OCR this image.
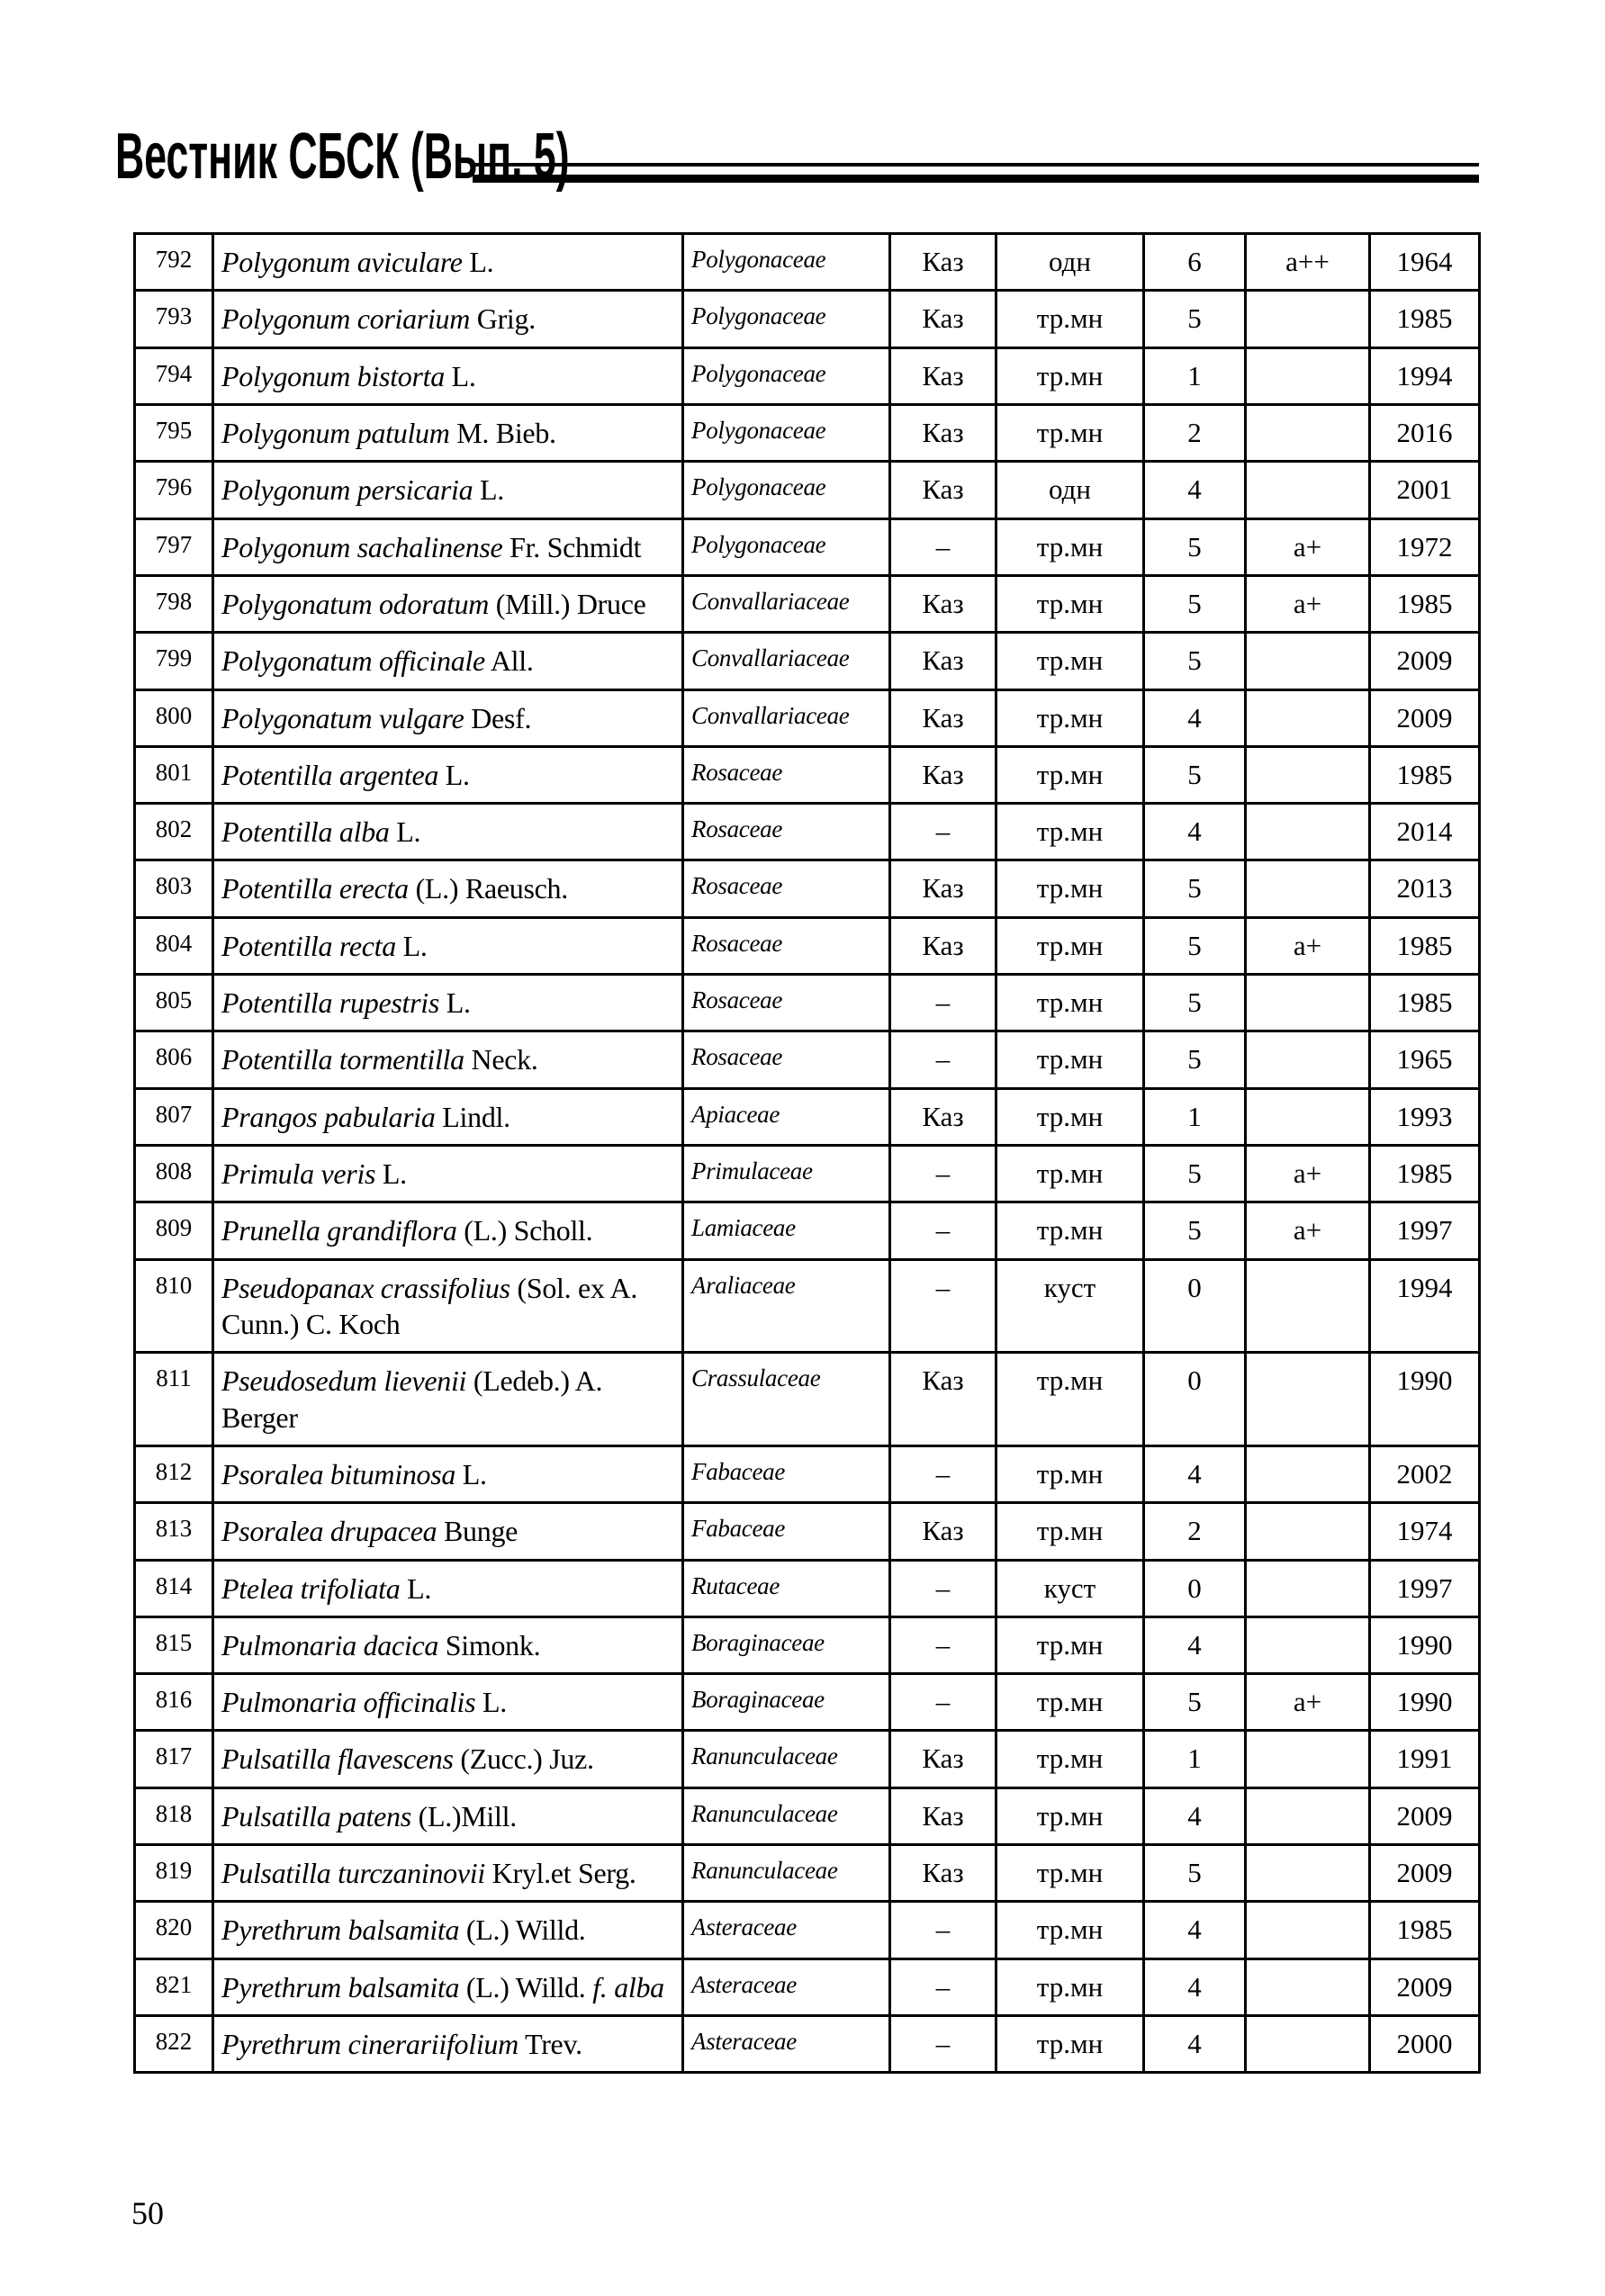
Вестник СБСК (Вып. 5)
792	Polygonum aviculare L.	Polygonaceae	Каз	одн	6	a++	1964
793	Polygonum coriarium Grig.	Polygonaceae	Каз	тр.мн	5		1985
794	Polygonum bistorta L.	Polygonaceae	Каз	тр.мн	1		1994
795	Polygonum patulum M. Bieb.	Polygonaceae	Каз	тр.мн	2		2016
796	Polygonum persicaria L.	Polygonaceae	Каз	одн	4		2001
797	Polygonum sachalinense Fr. Schmidt	Polygonaceae	–	тр.мн	5	a+	1972
798	Polygonatum odoratum (Mill.) Druce	Convallariaceae	Каз	тр.мн	5	a+	1985
799	Polygonatum officinale All.	Convallariaceae	Каз	тр.мн	5		2009
800	Polygonatum vulgare Desf.	Convallariaceae	Каз	тр.мн	4		2009
801	Potentilla argentea L.	Rosaceae	Каз	тр.мн	5		1985
802	Potentilla alba L.	Rosaceae	–	тр.мн	4		2014
803	Potentilla erecta (L.) Raeusch.	Rosaceae	Каз	тр.мн	5		2013
804	Potentilla recta L.	Rosaceae	Каз	тр.мн	5	a+	1985
805	Potentilla rupestris L.	Rosaceae	–	тр.мн	5		1985
806	Potentilla tormentilla Neck.	Rosaceae	–	тр.мн	5		1965
807	Prangos pabularia Lindl.	Apiaceae	Каз	тр.мн	1		1993
808	Primula veris L.	Primulaceae	–	тр.мн	5	a+	1985
809	Prunella grandiflora (L.) Scholl.	Lamiaceae	–	тр.мн	5	a+	1997
810	Pseudopanax crassifolius (Sol. ex A. Cunn.) C. Koch	Araliaceae	–	куст	0		1994
811	Pseudosedum lievenii (Ledeb.) A. Berger	Crassulaceae	Каз	тр.мн	0		1990
812	Psoralea bituminosa L.	Fabaceae	–	тр.мн	4		2002
813	Psoralea drupacea Bunge	Fabaceae	Каз	тр.мн	2		1974
814	Ptelea trifoliata L.	Rutaceae	–	куст	0		1997
815	Pulmonaria dacica Simonk.	Boraginaceae	–	тр.мн	4		1990
816	Pulmonaria officinalis L.	Boraginaceae	–	тр.мн	5	a+	1990
817	Pulsatilla flavescens (Zucc.) Juz.	Ranunculaceae	Каз	тр.мн	1		1991
818	Pulsatilla patens (L.)Mill.	Ranunculaceae	Каз	тр.мн	4		2009
819	Pulsatilla turczaninovii Kryl.et Serg.	Ranunculaceae	Каз	тр.мн	5		2009
820	Pyrethrum balsamita (L.) Willd.	Asteraceae	–	тр.мн	4		1985
821	Pyrethrum balsamita (L.) Willd. f. alba	Asteraceae	–	тр.мн	4		2009
822	Pyrethrum cinerariifolium Trev.	Asteraceae	–	тр.мн	4		2000
50
